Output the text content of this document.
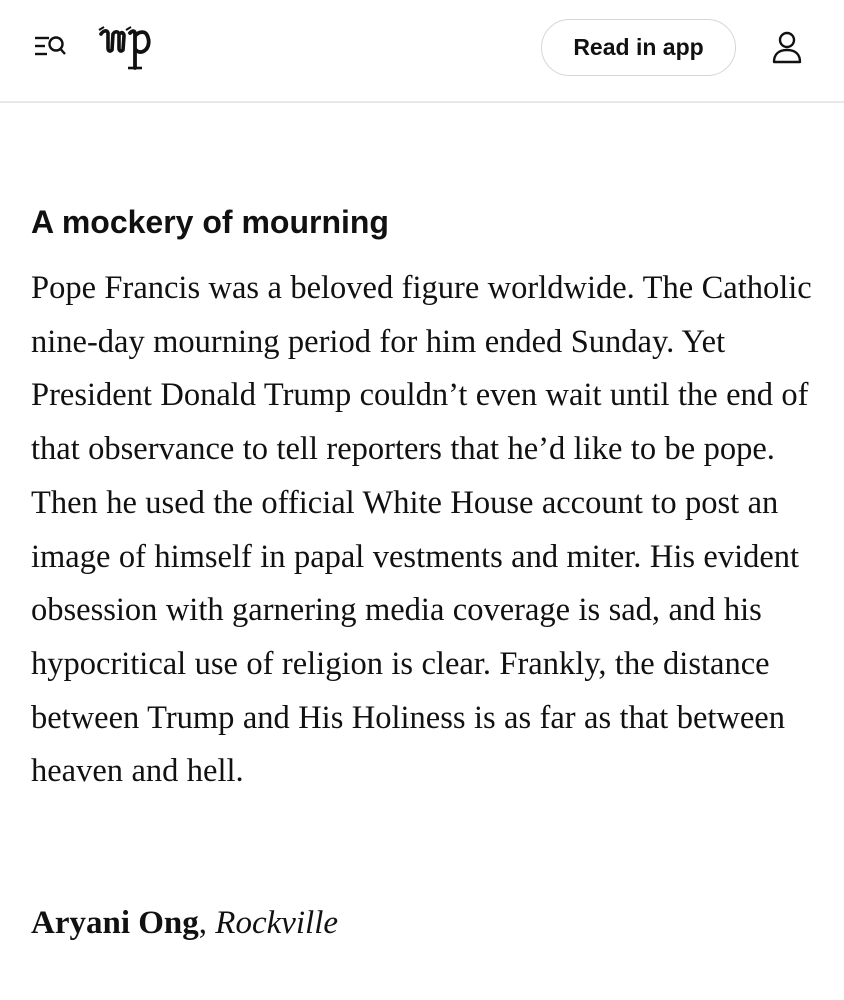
Read in app
A mockery of mourning

Pope Francis was a beloved figure worldwide. The Catholic nine-day mourning period for him ended Sunday. Yet President Donald Trump couldn’t even wait until the end of that observance to tell reporters that he’d like to be pope. Then he used the official White House account to post an image of himself in papal vestments and miter. His evident obsession with garnering media coverage is sad, and his hypocritical use of religion is clear. Frankly, the distance between Trump and His Holiness is as far as that between heaven and hell.

Aryani Ong, Rockville
